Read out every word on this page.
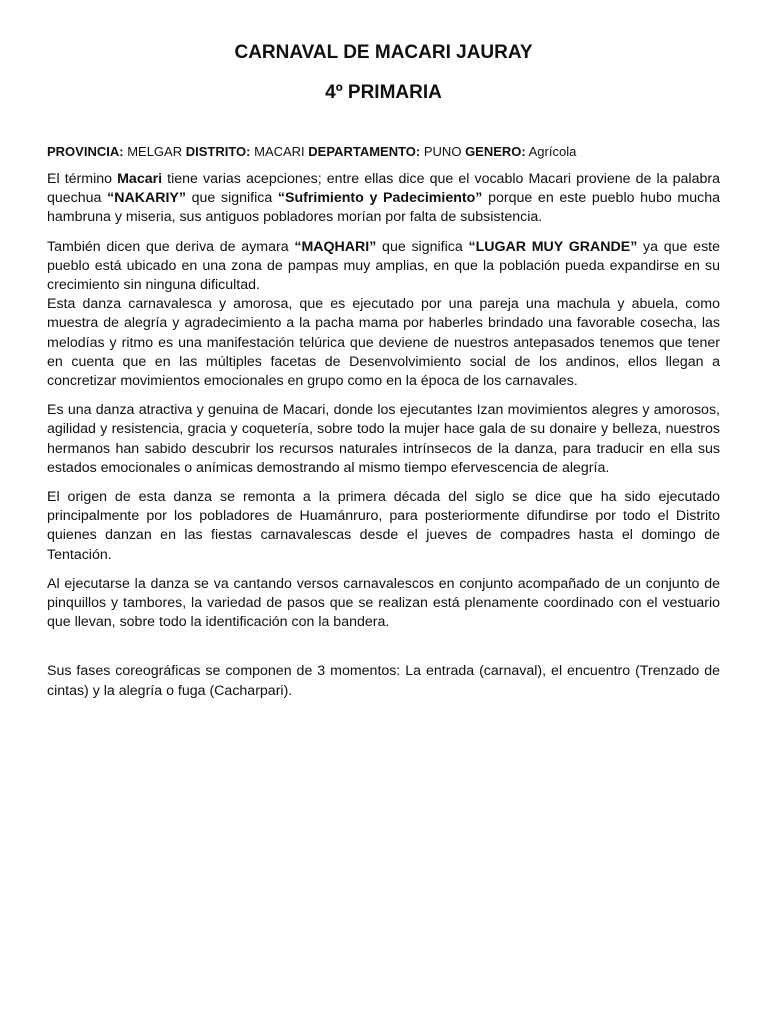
CARNAVAL DE MACARI JAURAY
4º PRIMARIA

PROVINCIA: MELGAR DISTRITO: MACARI DEPARTAMENTO: PUNO GENERO: Agrícola

El término Macari tiene varias acepciones; entre ellas dice que el vocablo Macari proviene de la palabra quechua “NAKARIY” que significa “Sufrimiento y Padecimiento” porque en este pueblo hubo mucha hambruna y miseria, sus antiguos pobladores morían por falta de subsistencia.

También dicen que deriva de aymara “MAQHARI” que significa “LUGAR MUY GRANDE” ya que este pueblo está ubicado en una zona de pampas muy amplias, en que la población pueda expandirse en su crecimiento sin ninguna dificultad.
Esta danza carnavalesca y amorosa, que es ejecutado por una pareja una machula y abuela, como muestra de alegría y agradecimiento a la pacha mama por haberles brindado una favorable cosecha, las melodías y ritmo es una manifestación telúrica que deviene de nuestros antepasados tenemos que tener en cuenta que en las múltiples facetas de Desenvolvimiento social de los andinos, ellos llegan a concretizar movimientos emocionales en grupo como en la época de los carnavales.

Es una danza atractiva y genuina de Macari, donde los ejecutantes Izan movimientos alegres y amorosos, agilidad y resistencia, gracia y coquetería, sobre todo la mujer hace gala de su donaire y belleza, nuestros hermanos han sabido descubrir los recursos naturales intrínsecos de la danza, para traducir en ella sus estados emocionales o anímicas demostrando al mismo tiempo efervescencia de alegría.

El origen de esta danza se remonta a la primera década del siglo se dice que ha sido ejecutado principalmente por los pobladores de Huamánruro, para posteriormente difundirse por todo el Distrito quienes danzan en las fiestas carnavalescas desde el jueves de compadres hasta el domingo de Tentación.

Al ejecutarse la danza se va cantando versos carnavalescos en conjunto acompañado de un conjunto de pinquillos y tambores, la variedad de pasos que se realizan está plenamente coordinado con el vestuario que llevan, sobre todo la identificación con la bandera.

Sus fases coreográficas se componen de 3 momentos: La entrada (carnaval), el encuentro (Trenzado de cintas) y la alegría o fuga (Cacharpari).
